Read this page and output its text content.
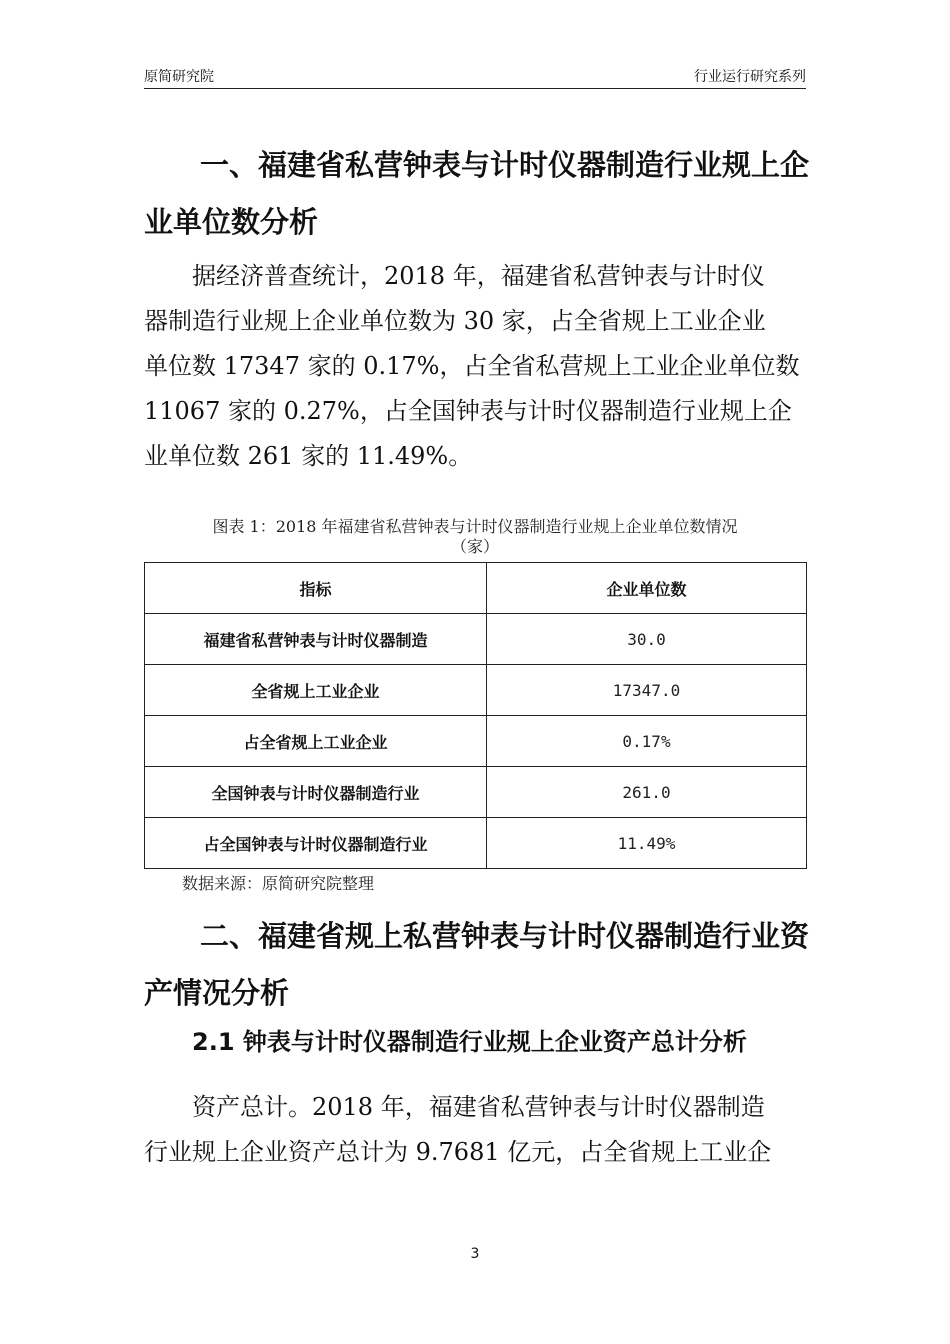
原简研究院	行业运行研究系列
一、福建省私营钟表与计时仪器制造行业规上企
业单位数分析

据经济普查统计，2018 年，福建省私营钟表与计时仪
器制造行业规上企业单位数为 30 家，占全省规上工业企业
单位数 17347 家的 0.17%，占全省私营规上工业企业单位数
11067 家的 0.27%，占全国钟表与计时仪器制造行业规上企
业单位数 261 家的 11.49%。

图表 1：2018 年福建省私营钟表与计时仪器制造行业规上企业单位数情况
（家）
指标	企业单位数
福建省私营钟表与计时仪器制造	30.0
全省规上工业企业	17347.0
占全省规上工业企业	0.17%
全国钟表与计时仪器制造行业	261.0
占全国钟表与计时仪器制造行业	11.49%
数据来源：原简研究院整理
二、福建省规上私营钟表与计时仪器制造行业资
产情况分析
2.1 钟表与计时仪器制造行业规上企业资产总计分析

资产总计。2018 年，福建省私营钟表与计时仪器制造
行业规上企业资产总计为 9.7681 亿元，占全省规上工业企

3
